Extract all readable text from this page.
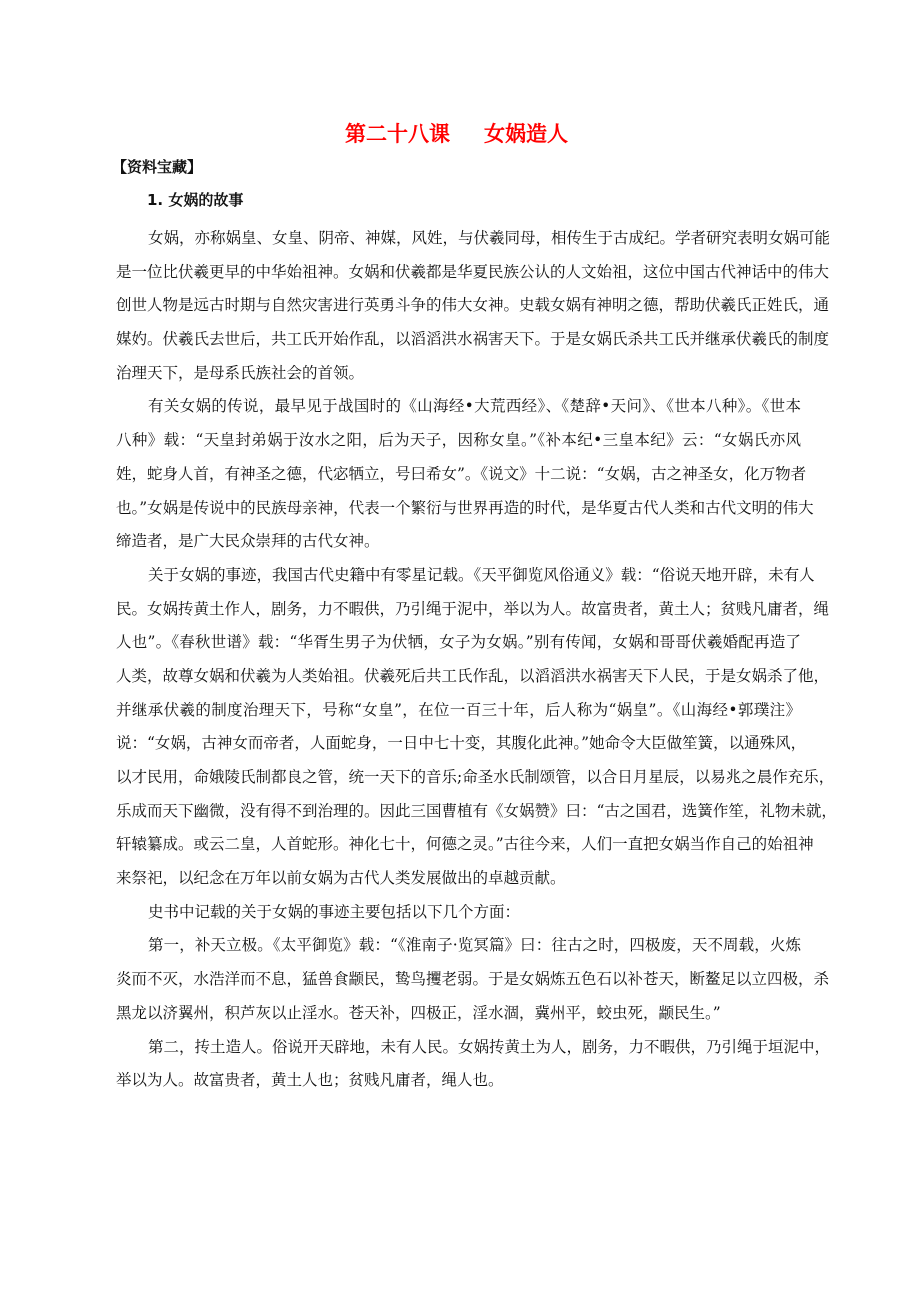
第二十八课 女娲造人
【资料宝藏】
1. 女娲的故事
女娲，亦称娲皇、女皇、阴帝、神媒，风姓，与伏羲同母，相传生于古成纪。学者研究表明女娲可能
是一位比伏羲更早的中华始祖神。女娲和伏羲都是华夏民族公认的人文始祖，这位中国古代神话中的伟大
创世人物是远古时期与自然灾害进行英勇斗争的伟大女神。史载女娲有神明之德，帮助伏羲氏正姓氏，通
媒妁。伏羲氏去世后，共工氏开始作乱，以滔滔洪水祸害天下。于是女娲氏杀共工氏并继承伏羲氏的制度
治理天下，是母系氏族社会的首领。
有关女娲的传说，最早见于战国时的《山海经•大荒西经》、《楚辞•天问》、《世本八种》。《世本
八种》载：“天皇封弟娲于汝水之阳，后为天子，因称女皇。”《补本纪•三皇本纪》云：“女娲氏亦风
姓，蛇身人首，有神圣之德，代宓牺立，号曰希女”。《说文》十二说：“女娲，古之神圣女，化万物者
也。”女娲是传说中的民族母亲神，代表一个繁衍与世界再造的时代，是华夏古代人类和古代文明的伟大
缔造者，是广大民众崇拜的古代女神。
关于女娲的事迹，我国古代史籍中有零星记载。《天平御览风俗通义》载：“俗说天地开辟，未有人
民。女娲抟黄土作人，剧务，力不暇供，乃引绳于泥中，举以为人。故富贵者，黄土人；贫贱凡庸者，绳
人也”。《春秋世谱》载：“华胥生男子为伏牺，女子为女娲。”别有传闻，女娲和哥哥伏羲婚配再造了
人类，故尊女娲和伏羲为人类始祖。伏羲死后共工氏作乱，以滔滔洪水祸害天下人民，于是女娲杀了他，
并继承伏羲的制度治理天下，号称“女皇”，在位一百三十年，后人称为“娲皇”。《山海经•郭璞注》
说：“女娲，古神女而帝者，人面蛇身，一日中七十变，其腹化此神。”她命令大臣做笙簧，以通殊风，
以才民用，命娥陵氏制都良之管，统一天下的音乐;命圣水氏制颂管，以合日月星辰，以易兆之晨作充乐，
乐成而天下幽微，没有得不到治理的。因此三国曹植有《女娲赞》曰：“古之国君，选簧作笙，礼物未就，
轩辕纂成。或云二皇，人首蛇形。神化七十，何德之灵。”古往今来，人们一直把女娲当作自己的始祖神
来祭祀，以纪念在万年以前女娲为古代人类发展做出的卓越贡献。
史书中记载的关于女娲的事迹主要包括以下几个方面：
第一，补天立极。《太平御览》载：“《淮南子·览冥篇》曰：往古之时，四极废，天不周载，火炼
炎而不灭，水浩洋而不息，猛兽食颛民，鸷鸟攫老弱。于是女娲炼五色石以补苍天，断鳌足以立四极，杀
黑龙以济翼州，积芦灰以止淫水。苍天补，四极正，淫水涸，冀州平，蛟虫死，颛民生。”
第二，抟土造人。俗说开天辟地，未有人民。女娲抟黄土为人，剧务，力不暇供，乃引绳于垣泥中，
举以为人。故富贵者，黄土人也；贫贱凡庸者，绳人也。
